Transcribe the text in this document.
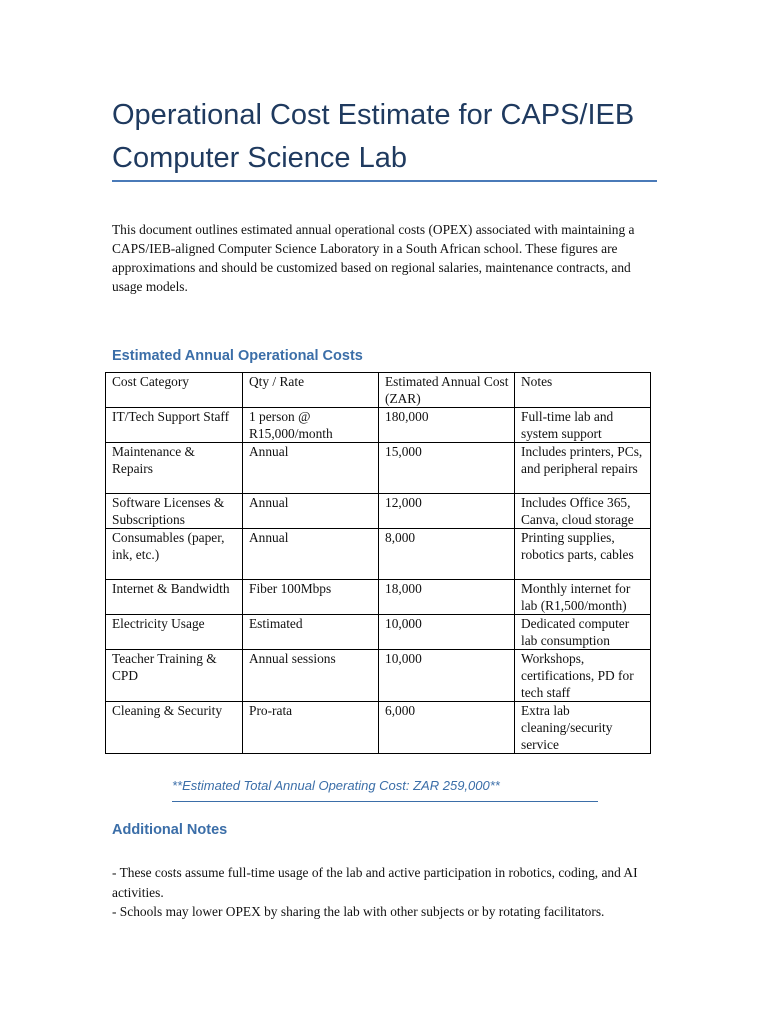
Operational Cost Estimate for CAPS/IEB Computer Science Lab

This document outlines estimated annual operational costs (OPEX) associated with maintaining a CAPS/IEB-aligned Computer Science Laboratory in a South African school. These figures are approximations and should be customized based on regional salaries, maintenance contracts, and usage models.

Estimated Annual Operational Costs
Cost Category	Qty / Rate	Estimated Annual Cost (ZAR)	Notes
IT/Tech Support Staff	1 person @ R15,000/month	180,000	Full-time lab and system support
Maintenance & Repairs	Annual	15,000	Includes printers, PCs, and peripheral repairs
Software Licenses & Subscriptions	Annual	12,000	Includes Office 365, Canva, cloud storage
Consumables (paper, ink, etc.)	Annual	8,000	Printing supplies, robotics parts, cables
Internet & Bandwidth	Fiber 100Mbps	18,000	Monthly internet for lab (R1,500/month)
Electricity Usage	Estimated	10,000	Dedicated computer lab consumption
Teacher Training & CPD	Annual sessions	10,000	Workshops, certifications, PD for tech staff
Cleaning & Security	Pro-rata	6,000	Extra lab cleaning/security service

**Estimated Total Annual Operating Cost: ZAR 259,000**

Additional Notes

- These costs assume full-time usage of the lab and active participation in robotics, coding, and AI activities.

- Schools may lower OPEX by sharing the lab with other subjects or by rotating facilitators.
